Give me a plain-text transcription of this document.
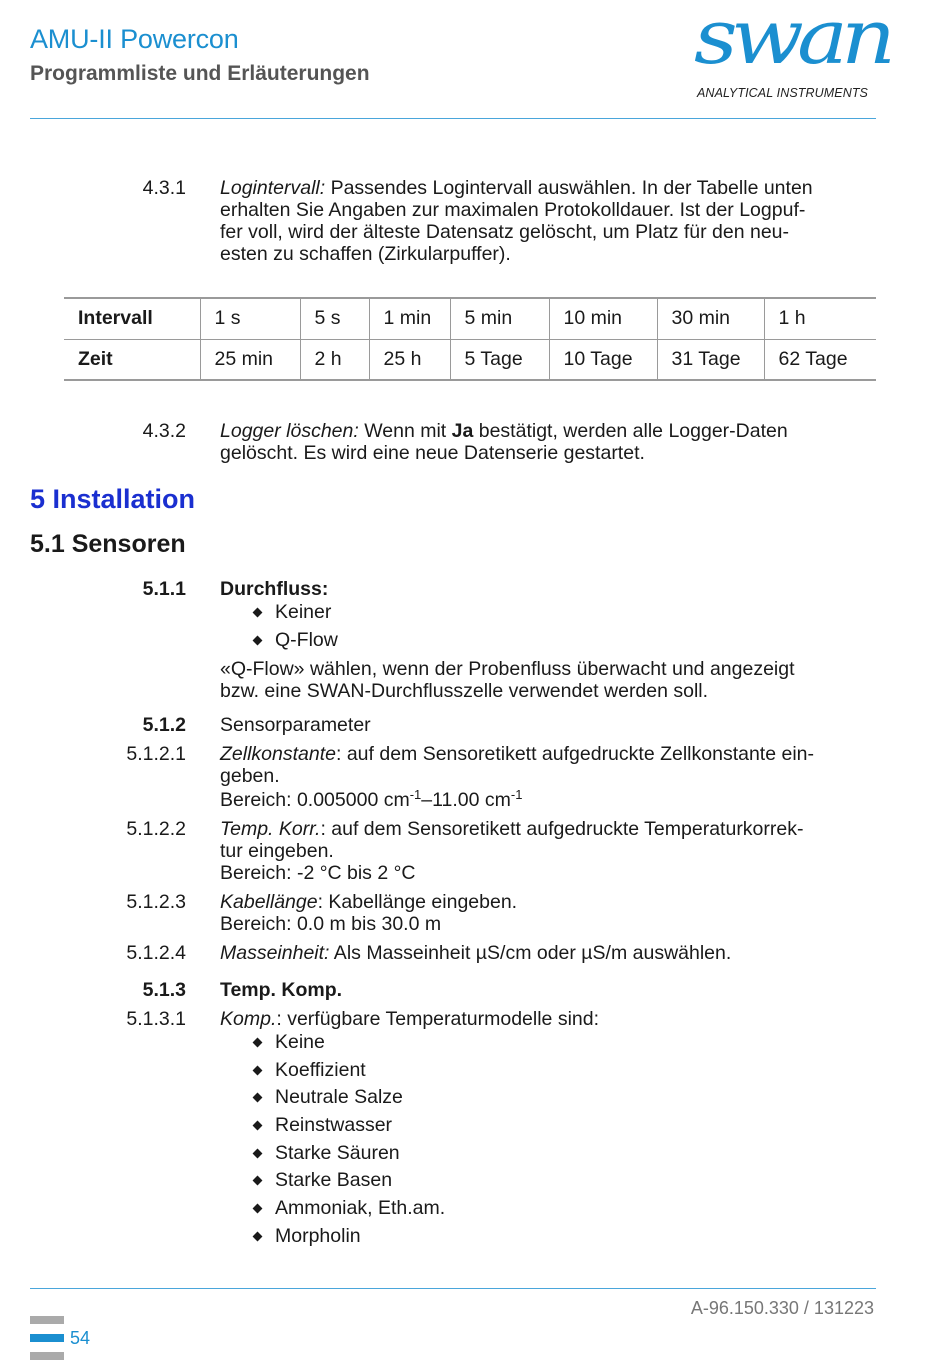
AMU-II Powercon
Programmliste und Erläuterungen	swan
ANALYTICAL INSTRUMENTS
4.3.1 Logintervall: Passendes Logintervall auswählen. In der Tabelle unten
erhalten Sie Angaben zur maximalen Protokolldauer. Ist der Logpuf-
fer voll, wird der älteste Datensatz gelöscht, um Platz für den neu-
esten zu schaffen (Zirkularpuffer).
Intervall	1 s	5 s	1 min	5 min	10 min	30 min	1 h
Zeit	25 min	2 h	25 h	5 Tage	10 Tage	31 Tage	62 Tage
4.3.2 Logger löschen: Wenn mit Ja bestätigt, werden alle Logger-Daten
gelöscht. Es wird eine neue Datenserie gestartet.
5 Installation
5.1 Sensoren
5.1.1 Durchfluss:
Keiner
Q-Flow
«Q-Flow» wählen, wenn der Probenfluss überwacht und angezeigt
bzw. eine SWAN-Durchflusszelle verwendet werden soll.
5.1.2 Sensorparameter
5.1.2.1 Zellkonstante: auf dem Sensoretikett aufgedruckte Zellkonstante ein-
geben.
Bereich: 0.005000 $cm^{-1}-11.00$ $cm^{-1}$
5.1.2.2 Temp. Korr.: auf dem Sensoretikett aufgedruckte Temperaturkorrek-
tur eingeben.
Bereich: -2 °C bis 2 °C
5.1.2.3 Kabellänge: Kabellänge eingeben.
Bereich: 0.0 m bis 30.0 m
5.1.2.4 Masseinheit: Als Masseinheit µS/cm oder µS/m auswählen.
5.1.3 Temp. Komp.
5.1.3.1 Komp.: verfügbare Temperaturmodelle sind:
Keine
Koeffizient
Neutrale Salze
Reinstwasser
Starke Säuren
Starke Basen
Ammoniak, Eth.am.
Morpholin
A-96.150.330 / 131223
54
